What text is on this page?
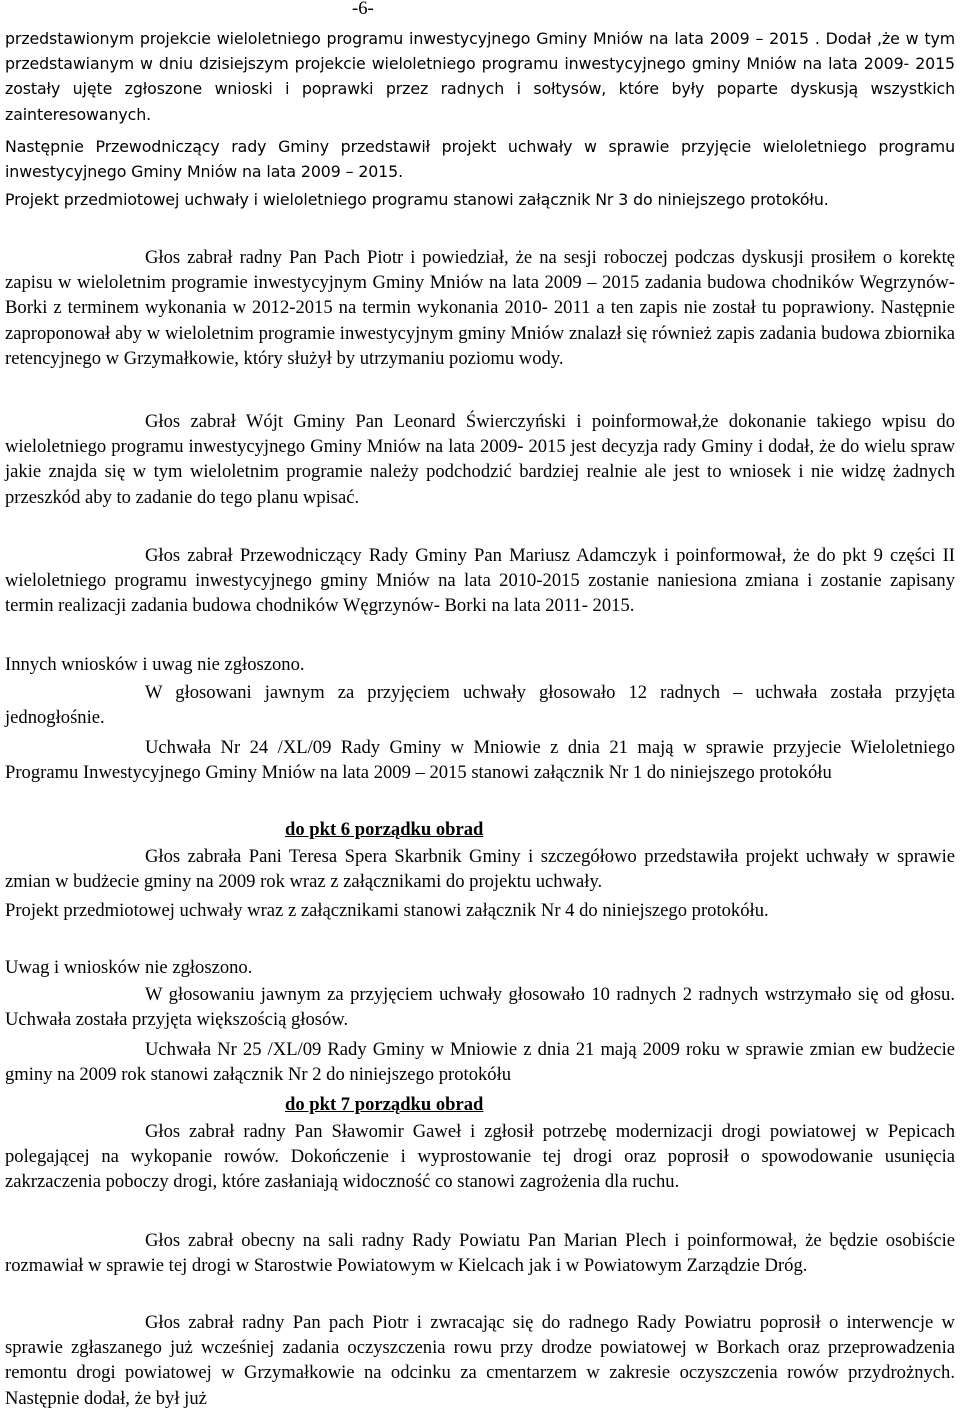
-6-

przedstawionym projekcie wieloletniego programu inwestycyjnego Gminy Mniów na lata 2009 – 2015 . Dodał ,że w tym przedstawianym w dniu dzisiejszym projekcie wieloletniego programu inwestycyjnego gminy Mniów na lata 2009- 2015 zostały ujęte zgłoszone wnioski i poprawki przez radnych i sołtysów, które były poparte dyskusją wszystkich zainteresowanych.

Następnie Przewodniczący rady Gminy przedstawił projekt uchwały w sprawie przyjęcie wieloletniego programu inwestycyjnego Gminy Mniów na lata 2009 – 2015.

Projekt przedmiotowej uchwały i wieloletniego programu stanowi załącznik Nr 3 do niniejszego protokółu.

Głos zabrał radny Pan Pach Piotr i powiedział, że na sesji roboczej podczas dyskusji prosiłem o korektę zapisu w wieloletnim programie inwestycyjnym Gminy Mniów na lata 2009 – 2015 zadania budowa chodników Wegrzynów- Borki z terminem wykonania w 2012-2015 na termin wykonania 2010- 2011 a ten zapis nie został tu poprawiony. Następnie zaproponował aby w wieloletnim programie inwestycyjnym gminy Mniów znalazł się również zapis zadania budowa zbiornika retencyjnego w Grzymałkowie, który służył by utrzymaniu poziomu wody.

Głos zabrał Wójt Gminy Pan Leonard Świerczyński i poinformował,że dokonanie takiego wpisu do wieloletniego programu inwestycyjnego Gminy Mniów na lata 2009- 2015 jest decyzja rady Gminy i dodał, że do wielu spraw jakie znajda się w tym wieloletnim programie należy podchodzić bardziej realnie ale jest to wniosek i nie widzę żadnych przeszkód aby to zadanie do tego planu wpisać.

Głos zabrał Przewodniczący Rady Gminy Pan Mariusz Adamczyk i poinformował, że do pkt 9 części II wieloletniego programu inwestycyjnego gminy Mniów na lata 2010-2015 zostanie naniesiona zmiana i zostanie zapisany termin realizacji zadania budowa chodników Węgrzynów- Borki na lata 2011- 2015.

Innych wniosków i uwag nie zgłoszono.

W głosowani jawnym za przyjęciem uchwały głosowało 12 radnych – uchwała została przyjęta jednogłośnie.

Uchwała Nr 24 /XL/09 Rady Gminy w Mniowie z dnia 21 mają w sprawie przyjecie Wieloletniego Programu Inwestycyjnego Gminy Mniów na lata 2009 – 2015 stanowi załącznik Nr 1 do niniejszego protokółu

do pkt 6 porządku obrad

Głos zabrała Pani Teresa Spera Skarbnik Gminy i szczegółowo przedstawiła projekt uchwały w sprawie zmian w budżecie gminy na 2009 rok wraz z załącznikami do projektu uchwały.

Projekt przedmiotowej uchwały wraz z załącznikami stanowi załącznik Nr 4 do niniejszego protokółu.

Uwag i wniosków nie zgłoszono.

W głosowaniu jawnym za przyjęciem uchwały głosowało 10 radnych 2 radnych wstrzymało się od głosu. Uchwała została przyjęta większością głosów.

Uchwała Nr 25 /XL/09 Rady Gminy w Mniowie z dnia 21 mają 2009 roku w sprawie zmian ew budżecie gminy na 2009 rok stanowi załącznik Nr 2 do niniejszego protokółu

do pkt 7 porządku obrad

Głos zabrał radny Pan Sławomir Gaweł i zgłosił potrzebę modernizacji drogi powiatowej w Pepicach polegającej na wykopanie rowów. Dokończenie i wyprostowanie tej drogi oraz poprosił o spowodowanie usunięcia zakrzaczenia poboczy drogi, które zasłaniają widoczność co stanowi zagrożenia dla ruchu.

Głos zabrał obecny na sali radny Rady Powiatu Pan Marian Plech i poinformował, że będzie osobiście rozmawiał w sprawie tej drogi w Starostwie Powiatowym w Kielcach jak i w Powiatowym Zarządzie Dróg.

Głos zabrał radny Pan pach Piotr i zwracając się do radnego Rady Powiatru poprosił o interwencje w sprawie zgłaszanego już wcześniej zadania oczyszczenia rowu przy drodze powiatowej w Borkach oraz przeprowadzenia remontu drogi powiatowej w Grzymałkowie na odcinku za cmentarzem w zakresie oczyszczenia rowów przydrożnych. Następnie dodał, że był już
